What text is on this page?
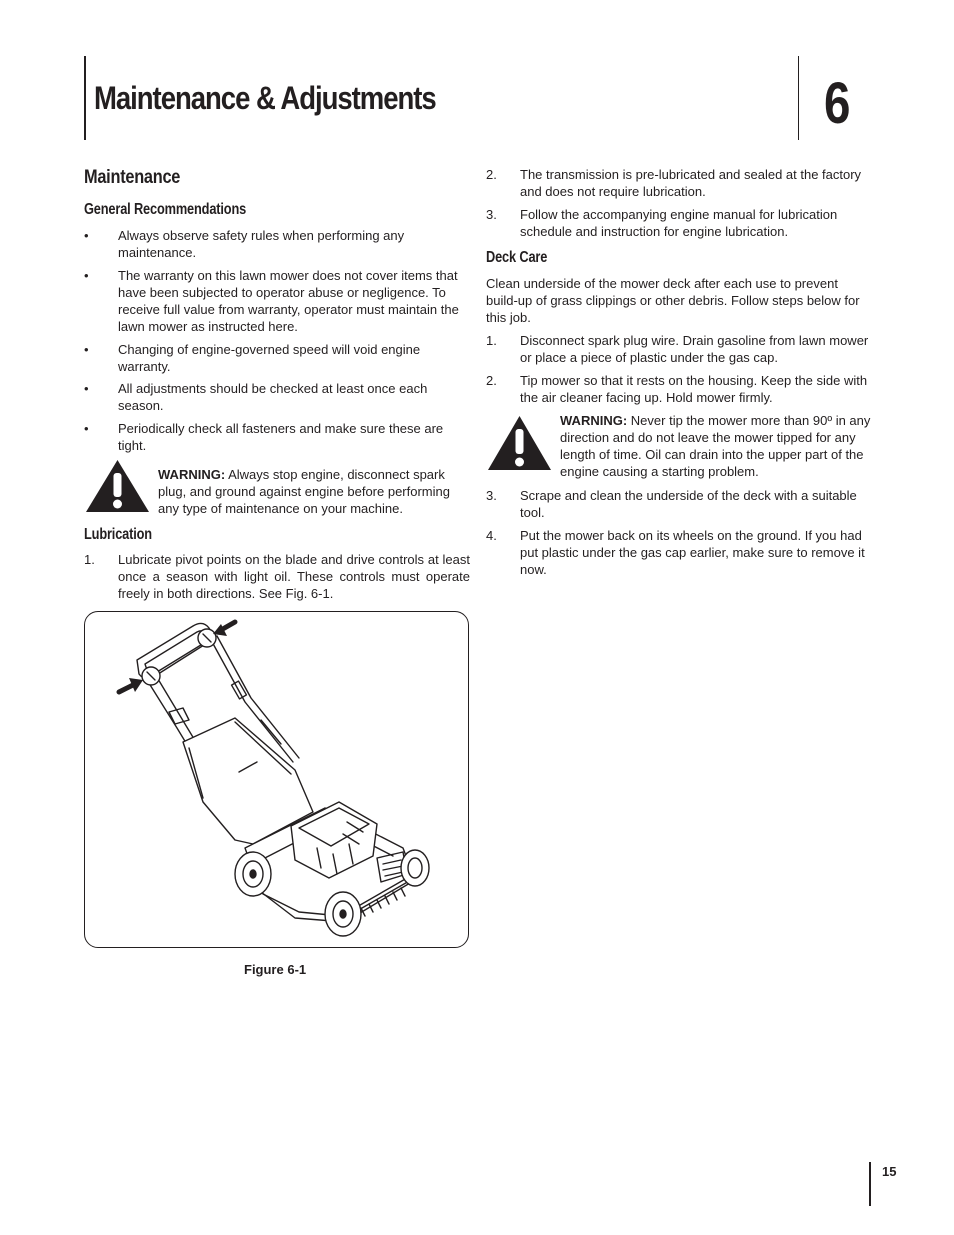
Maintenance & Adjustments	6
Maintenance
General Recommendations
•	Always observe safety rules when performing any maintenance.
•	The warranty on this lawn mower does not cover items that have been subjected to operator abuse or negligence. To receive full value from warranty, operator must maintain the lawn mower as instructed here.
•	Changing of engine-governed speed will void engine warranty.
•	All adjustments should be checked at least once each season.
•	Periodically check all fasteners and make sure these are tight.
WARNING: Always stop engine, disconnect spark plug, and ground against engine before performing any type of maintenance on your machine.
Lubrication
1. Lubricate pivot points on the blade and drive controls at least once a season with light oil. These controls must operate freely in both directions. See Fig. 6-1.
Figure 6-1
2. The transmission is pre-lubricated and sealed at the factory and does not require lubrication.
3. Follow the accompanying engine manual for lubrication schedule and instruction for engine lubrication.
Deck Care
Clean underside of the mower deck after each use to prevent build-up of grass clippings or other debris. Follow steps below for this job.
1. Disconnect spark plug wire. Drain gasoline from lawn mower or place a piece of plastic under the gas cap.
2. Tip mower so that it rests on the housing. Keep the side with the air cleaner facing up. Hold mower firmly.
WARNING: Never tip the mower more than 90º in any direction and do not leave the mower tipped for any length of time. Oil can drain into the upper part of the engine causing a starting problem.
3. Scrape and clean the underside of the deck with a suitable tool.
4. Put the mower back on its wheels on the ground. If you had put plastic under the gas cap earlier, make sure to remove it now.
15
